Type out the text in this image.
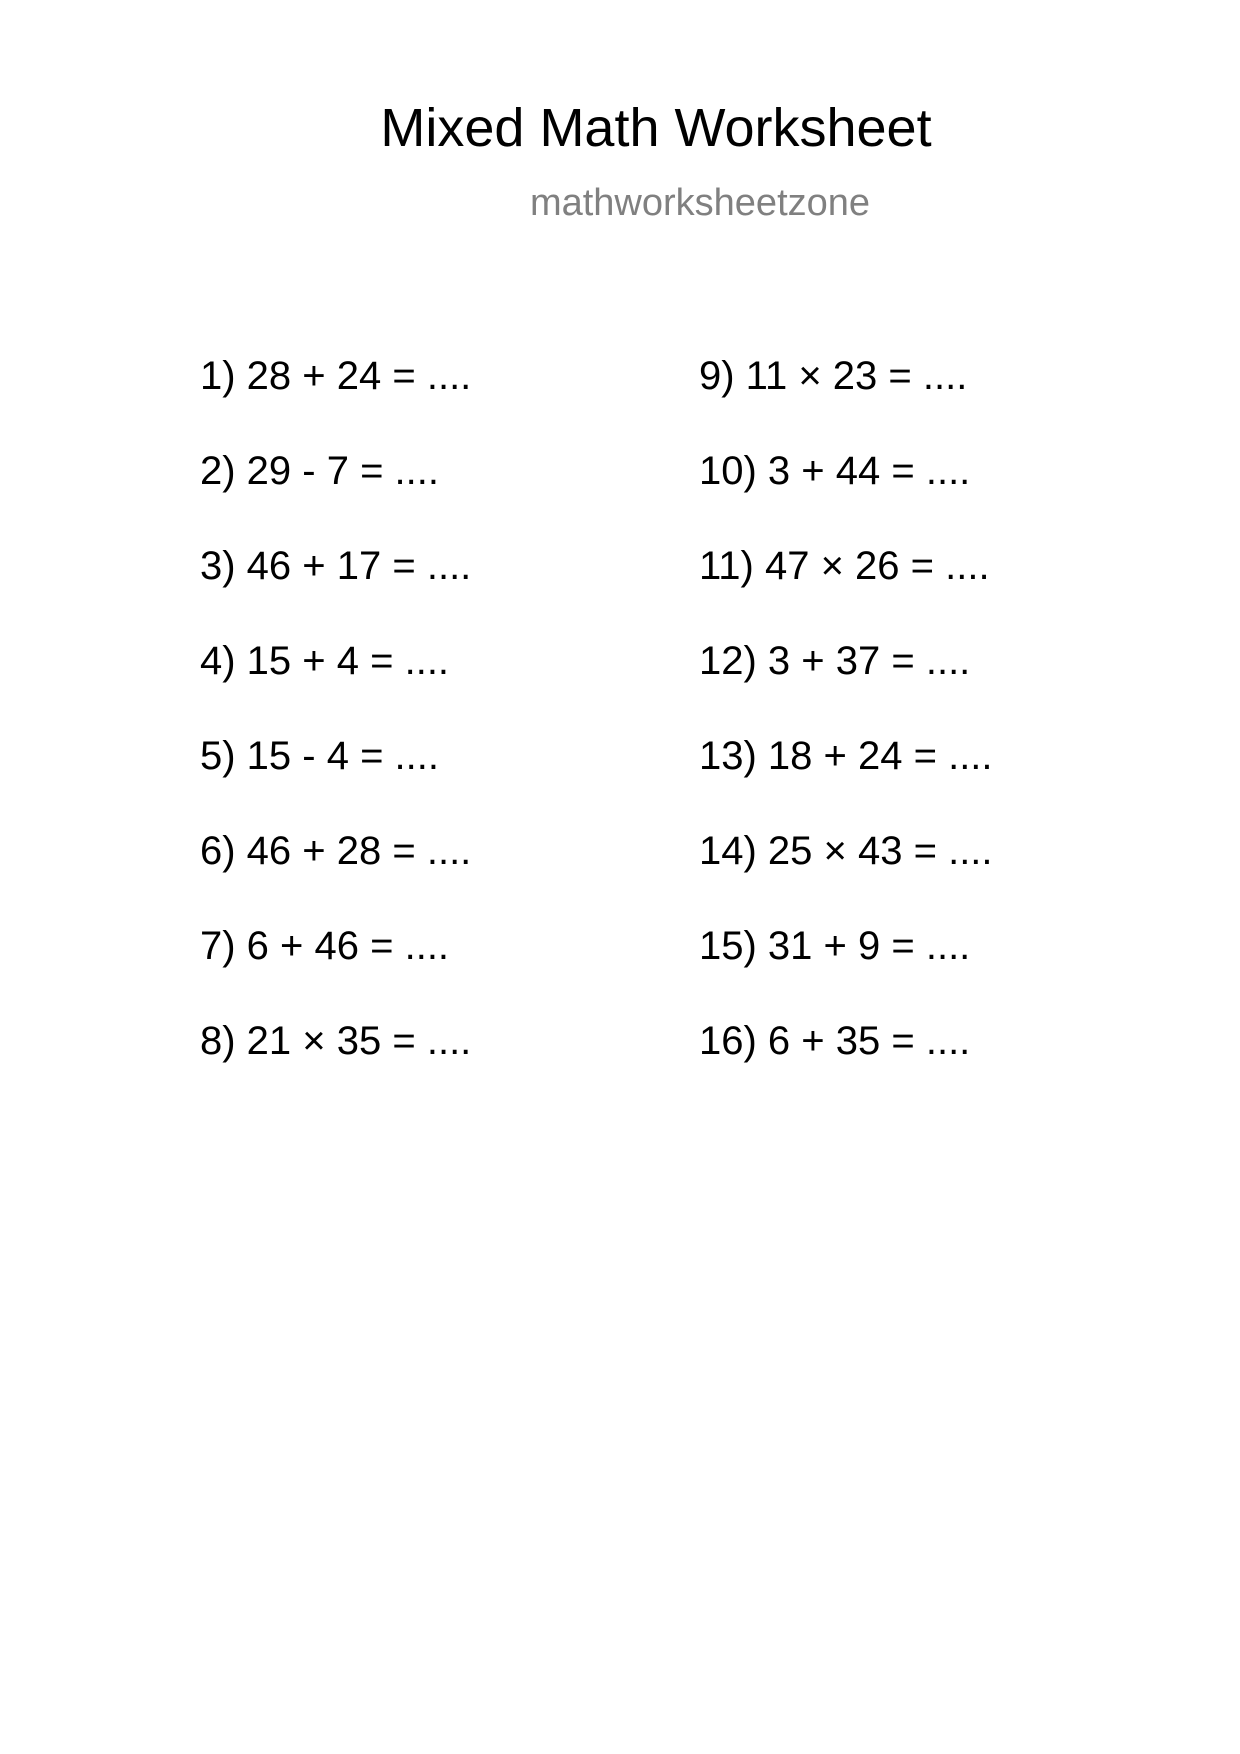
Mixed Math Worksheet
mathworksheetzone
1) 28 + 24 = ....
2) 29 - 7 = ....
3) 46 + 17 = ....
4) 15 + 4 = ....
5) 15 - 4 = ....
6) 46 + 28 = ....
7) 6 + 46 = ....
8) 21 × 35 = ....
9) 11 × 23 = ....
10) 3 + 44 = ....
11) 47 × 26 = ....
12) 3 + 37 = ....
13) 18 + 24 = ....
14) 25 × 43 = ....
15) 31 + 9 = ....
16) 6 + 35 = ....
